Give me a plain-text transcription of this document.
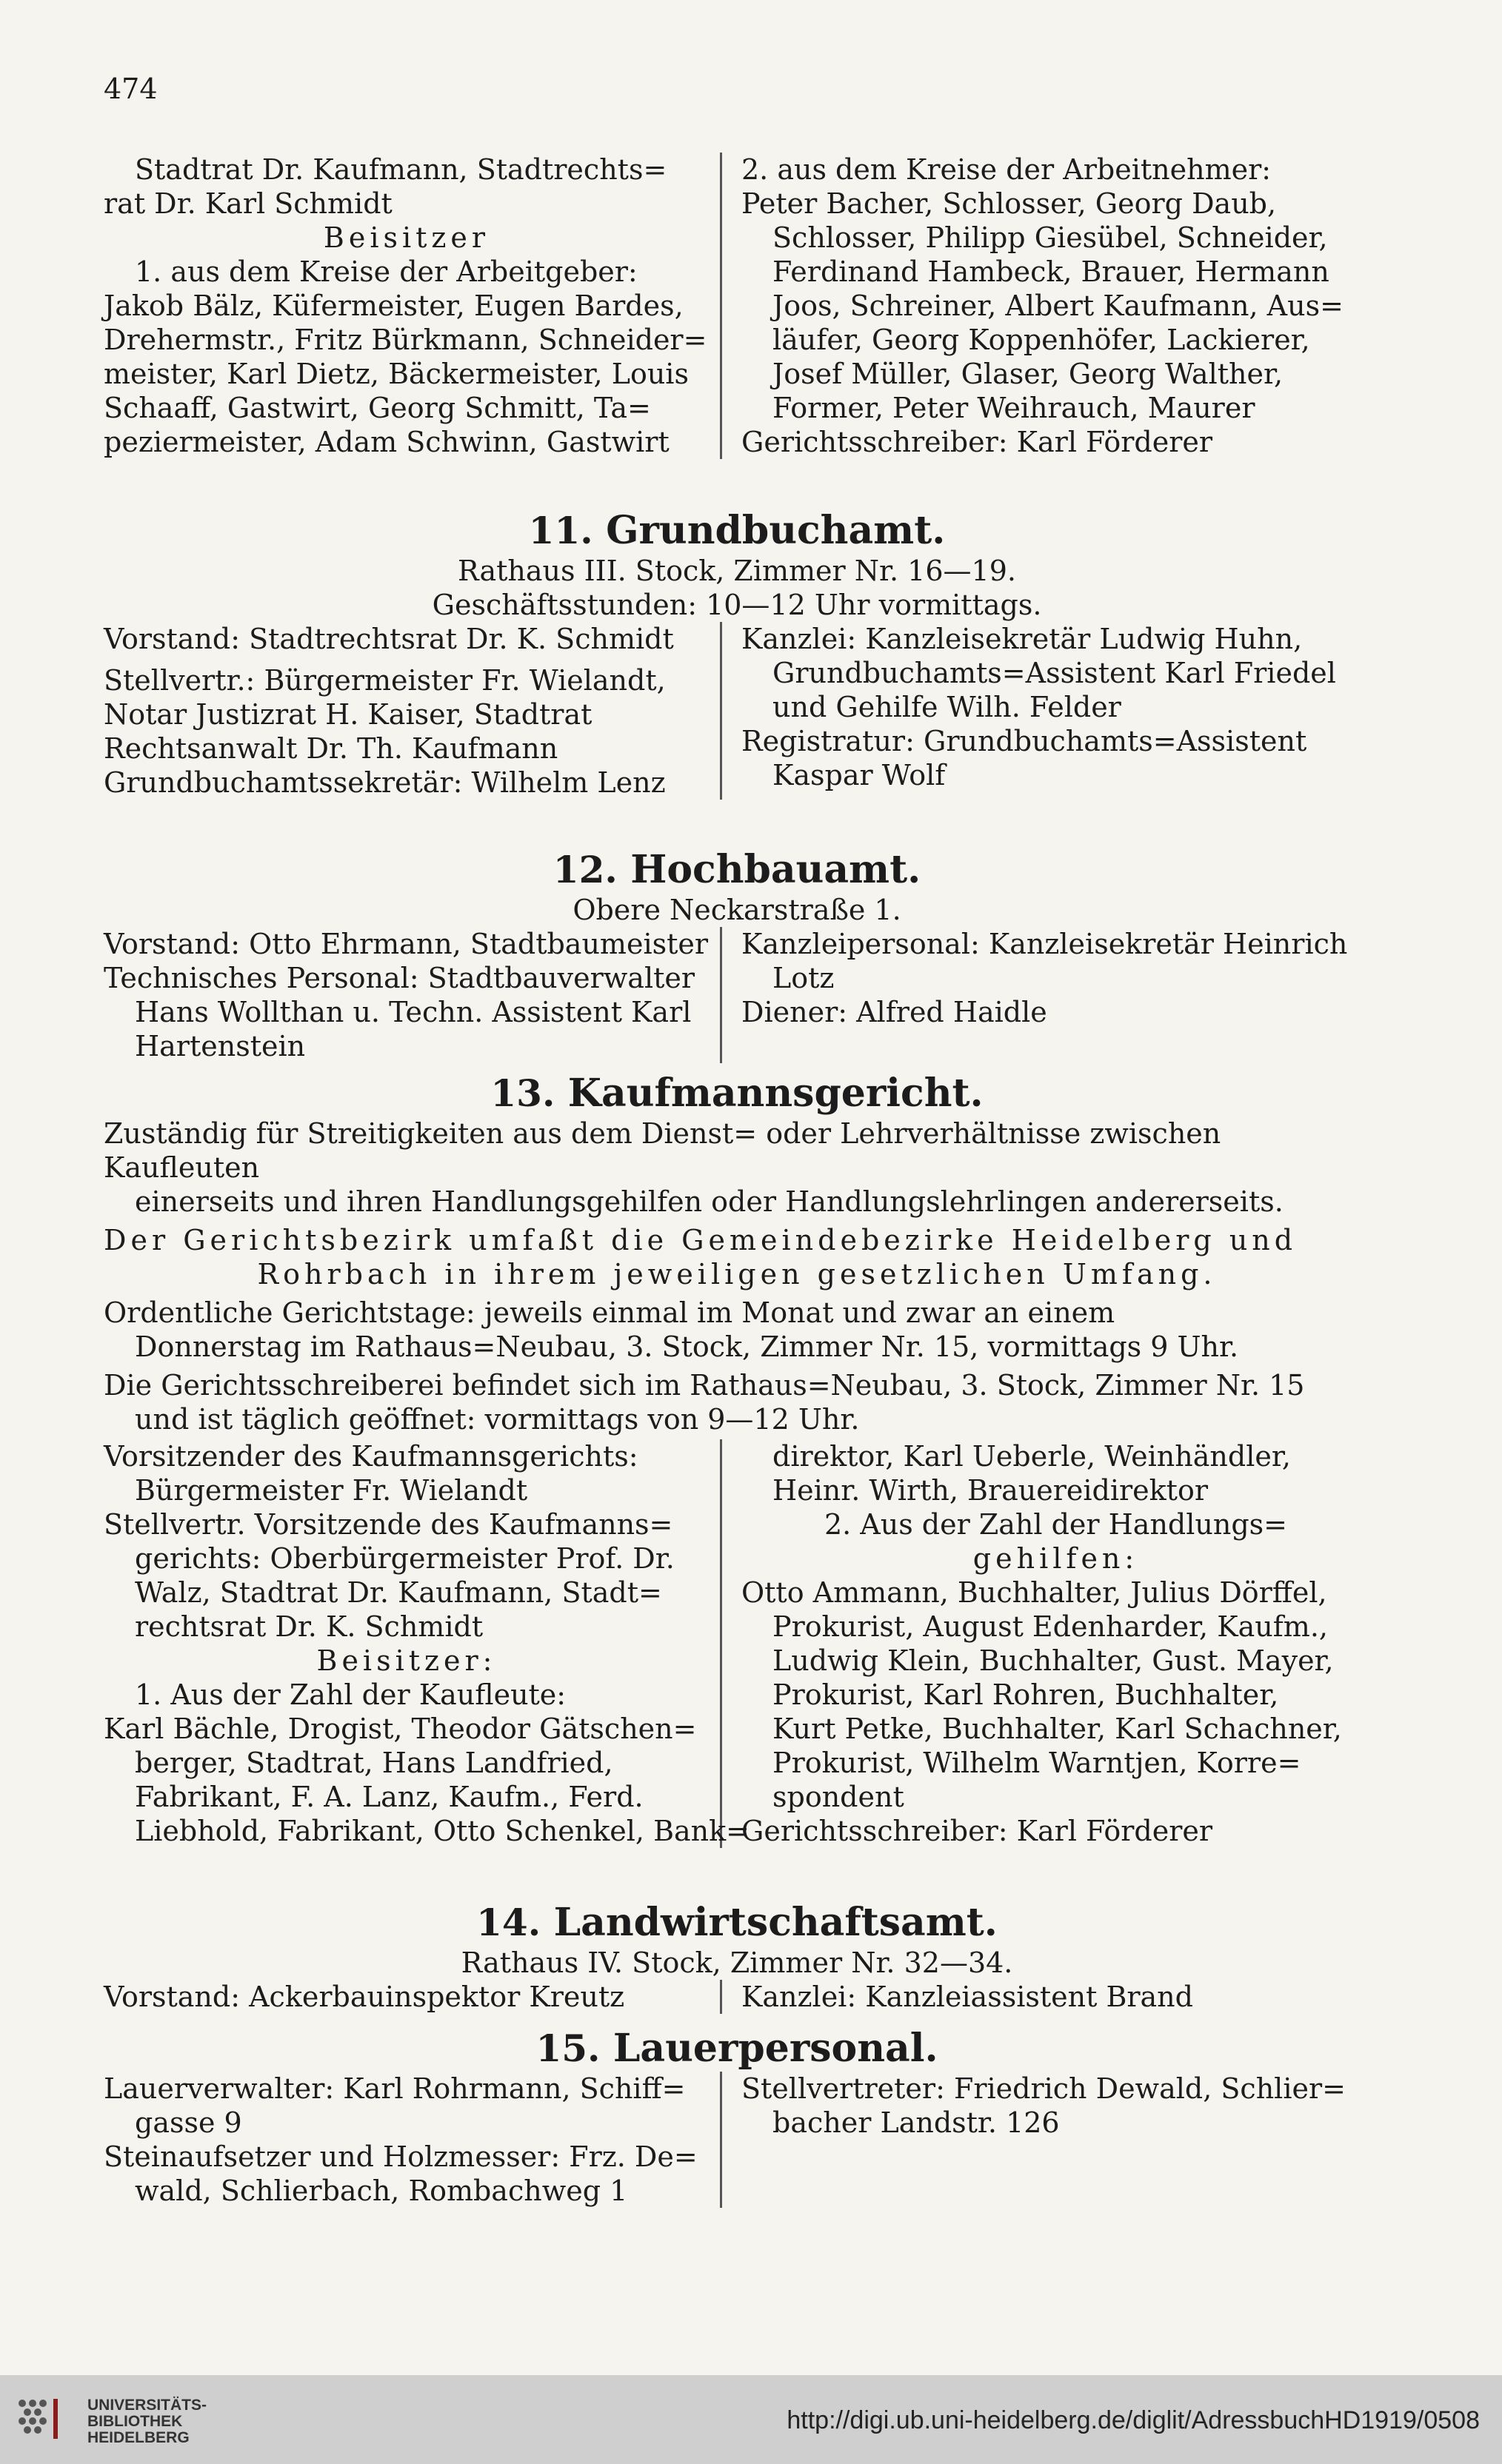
474
Stadtrat Dr. Kaufmann, Stadtrechts=
rat Dr. Karl Schmidt
Beisitzer
1. aus dem Kreise der Arbeitgeber:
Jakob Bälz, Küfermeister, Eugen Bardes,
Drehermstr., Fritz Bürkmann, Schneider=
meister, Karl Dietz, Bäckermeister, Louis
Schaaff, Gastwirt, Georg Schmitt, Ta=
peziermeister, Adam Schwinn, Gastwirt
2. aus dem Kreise der Arbeitnehmer:
Peter Bacher, Schlosser, Georg Daub,
Schlosser, Philipp Giesübel, Schneider,
Ferdinand Hambeck, Brauer, Hermann
Joos, Schreiner, Albert Kaufmann, Aus=
läufer, Georg Koppenhöfer, Lackierer,
Josef Müller, Glaser, Georg Walther,
Former, Peter Weihrauch, Maurer
Gerichtsschreiber: Karl Förderer
11. Grundbuchamt.
Rathaus III. Stock, Zimmer Nr. 16—19.
Geschäftsstunden: 10—12 Uhr vormittags.
Vorstand: Stadtrechtsrat Dr. K. Schmidt
Stellvertr.: Bürgermeister Fr. Wielandt,
Notar Justizrat H. Kaiser, Stadtrat
Rechtsanwalt Dr. Th. Kaufmann
Grundbuchamtssekretär: Wilhelm Lenz
Kanzlei: Kanzleisekretär Ludwig Huhn,
Grundbuchamts=Assistent Karl Friedel
und Gehilfe Wilh. Felder
Registratur: Grundbuchamts=Assistent
Kaspar Wolf
12. Hochbauamt.
Obere Neckarstraße 1.
Vorstand: Otto Ehrmann, Stadtbaumeister
Technisches Personal: Stadtbauverwalter
Hans Wollthan u. Techn. Assistent Karl
Hartenstein
Kanzleipersonal: Kanzleisekretär Heinrich
Lotz
Diener: Alfred Haidle
13. Kaufmannsgericht.
Zuständig für Streitigkeiten aus dem Dienst= oder Lehrverhältnisse zwischen Kaufleuten
einerseits und ihren Handlungsgehilfen oder Handlungslehrlingen andererseits.
Der Gerichtsbezirk umfaßt die Gemeindebezirke Heidelberg und
Rohrbach in ihrem jeweiligen gesetzlichen Umfang.
Ordentliche Gerichtstage: jeweils einmal im Monat und zwar an einem
Donnerstag im Rathaus=Neubau, 3. Stock, Zimmer Nr. 15, vormittags 9 Uhr.
Die Gerichtsschreiberei befindet sich im Rathaus=Neubau, 3. Stock, Zimmer Nr. 15
und ist täglich geöffnet: vormittags von 9—12 Uhr.
Vorsitzender des Kaufmannsgerichts:
Bürgermeister Fr. Wielandt
Stellvertr. Vorsitzende des Kaufmanns=
gerichts: Oberbürgermeister Prof. Dr.
Walz, Stadtrat Dr. Kaufmann, Stadt=
rechtsrat Dr. K. Schmidt
Beisitzer:
1. Aus der Zahl der Kaufleute:
Karl Bächle, Drogist, Theodor Gätschen=
berger, Stadtrat, Hans Landfried,
Fabrikant, F. A. Lanz, Kaufm., Ferd.
Liebhold, Fabrikant, Otto Schenkel, Bank=
direktor, Karl Ueberle, Weinhändler,
Heinr. Wirth, Brauereidirektor
2. Aus der Zahl der Handlungs=
gehilfen:
Otto Ammann, Buchhalter, Julius Dörffel,
Prokurist, August Edenharder, Kaufm.,
Ludwig Klein, Buchhalter, Gust. Mayer,
Prokurist, Karl Rohren, Buchhalter,
Kurt Petke, Buchhalter, Karl Schachner,
Prokurist, Wilhelm Warntjen, Korre=
spondent
Gerichtsschreiber: Karl Förderer
14. Landwirtschaftsamt.
Rathaus IV. Stock, Zimmer Nr. 32—34.
Vorstand: Ackerbauinspektor Kreutz	Kanzlei: Kanzleiassistent Brand
15. Lauerpersonal.
Lauerverwalter: Karl Rohrmann, Schiff=
gasse 9
Steinaufsetzer und Holzmesser: Frz. De=
wald, Schlierbach, Rombachweg 1
Stellvertreter: Friedrich Dewald, Schlier=
bacher Landstr. 126
UNIVERSITÄTS-
BIBLIOTHEK
HEIDELBERG
http://digi.ub.uni-heidelberg.de/diglit/AdressbuchHD1919/0508
